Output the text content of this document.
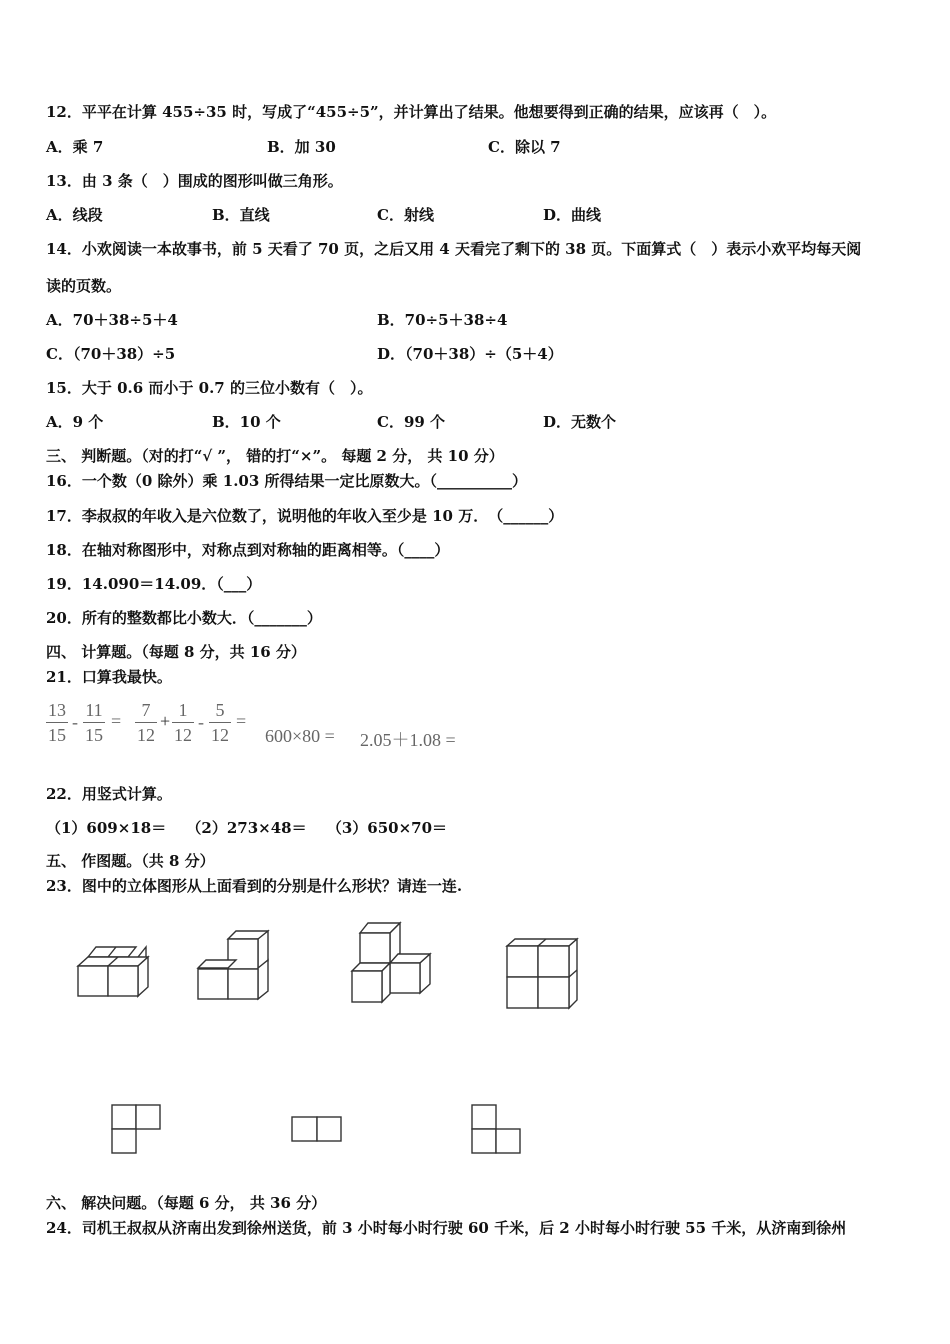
12．平平在计算 455÷35 时，写成了“455÷5”，并计算出了结果。他想要得到正确的结果，应该再（　）。
A．乘 7	B．加 30	C．除以 7
13．由 3 条（　）围成的图形叫做三角形。
A．线段	B．直线	C．射线	D．曲线
14．小欢阅读一本故事书，前 5 天看了 70 页，之后又用 4 天看完了剩下的 38 页。下面算式（　）表示小欢平均每天阅
读的页数。
A．70＋38÷5＋4	B．70÷5＋38÷4
C．（70＋38）÷5	D．（70＋38）÷（5＋4）
15．大于 0.6 而小于 0.7 的三位小数有（　）。
A．9 个	B．10 个	C．99 个	D．无数个
三、 判断题。（对的打“√ ”， 错的打“×”。 每题 2 分， 共 10 分）
16．一个数（0 除外）乘 1.03 所得结果一定比原数大。（__________）
17．李叔叔的年收入是六位数了，说明他的年收入至少是 10 万．　（______）
18．在轴对称图形中，对称点到对称轴的距离相等。（____）
19．14.090＝14.09．（___）
20．所有的整数都比小数大．（_______）
四、 计算题。（每题 8 分，共 16 分）
21．口算我最快。
13
15
-
11
15
=
7
12
+
1
12
-
5
12
=
600×80 = 2.05＋1.08 =
22．用竖式计算。
（1）609×18＝　 （2）273×48＝　 （3）650×70＝
五、 作图题。（共 8 分）
23．图中的立体图形从上面看到的分别是什么形状？请连一连.
六、 解决问题。（每题 6 分， 共 36 分）
24．司机王叔叔从济南出发到徐州送货，前 3 小时每小时行驶 60 千米，后 2 小时每小时行驶 55 千米，从济南到徐州
